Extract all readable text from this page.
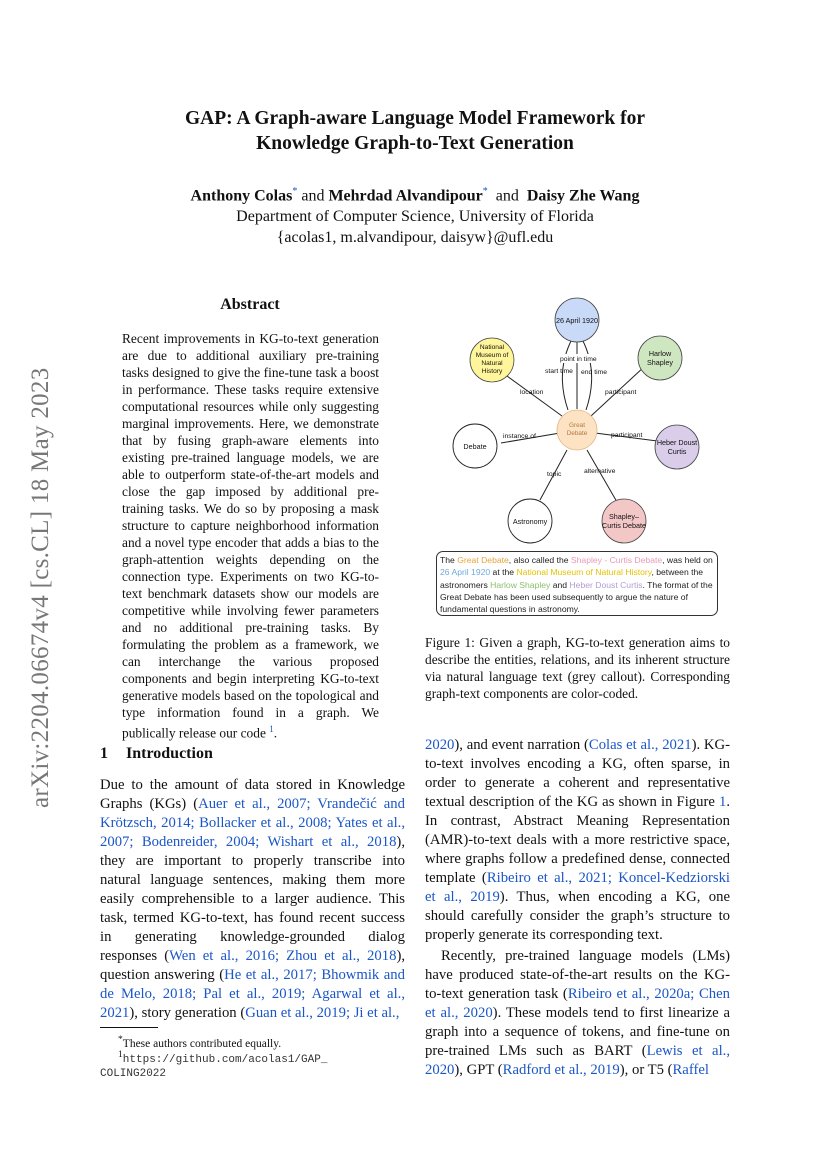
arXiv:2204.06674v4 [cs.CL] 18 May 2023
GAP: A Graph-aware Language Model Framework for
Knowledge Graph-to-Text Generation
Anthony Colas* and Mehrdad Alvandipour* and Daisy Zhe Wang
Department of Computer Science, University of Florida
{acolas1, m.alvandipour, daisyw}@ufl.edu
Abstract
Recent improvements in KG-to-text generation are due to additional auxiliary pre-training tasks designed to give the fine-tune task a boost in performance. These tasks require extensive computational resources while only suggesting marginal improvements. Here, we demonstrate that by fusing graph-aware elements into existing pre-trained language models, we are able to outperform state-of-the-art models and close the gap imposed by additional pre-training tasks. We do so by proposing a mask structure to capture neighborhood information and a novel type encoder that adds a bias to the graph-attention weights depending on the connection type. Experiments on two KG-to-text benchmark datasets show our models are competitive while involving fewer parameters and no additional pre-training tasks. By formulating the problem as a framework, we can interchange the various proposed components and begin interpreting KG-to-text generative models based on the topological and type information found in a graph. We publically release our code $^1$.
1 Introduction
Due to the amount of data stored in Knowledge Graphs (KGs) (Auer et al., 2007; Vrandečić and Krötzsch, 2014; Bollacker et al., 2008; Yates et al., 2007; Bodenreider, 2004; Wishart et al., 2018), they are important to properly transcribe into natural language sentences, making them more easily comprehensible to a larger audience. This task, termed KG-to-text, has found recent success in generating knowledge-grounded dialog responses (Wen et al., 2016; Zhou et al., 2018), question answering (He et al., 2017; Bhowmik and de Melo, 2018; Pal et al., 2019; Agarwal et al., 2021), story generation (Guan et al., 2019; Ji et al.,
*These authors contributed equally.
$^1$https://github.com/acolas1/GAP_
COLING2022
26 April 1920
National
Museum of
Natural
History
Harlow
Shapley
Great
Debate
Debate	Heber Doust
Curtis
Astronomy
Shapley–
Curtis Debate
point in time
start time end time
location	participant
instance of	participant
topic	alternative
The Great Debate, also called the Shapley - Curtis Debate, was held on 26 April 1920 at the National Museum of Natural History, between the astronomers Harlow Shapley and Heber Doust Curtis. The format of the Great Debate has been used subsequently to argue the nature of fundamental questions in astronomy.
Figure 1: Given a graph, KG-to-text generation aims to describe the entities, relations, and its inherent structure via natural language text (grey callout). Corresponding graph-text components are color-coded.
2020), and event narration (Colas et al., 2021). KG-to-text involves encoding a KG, often sparse, in order to generate a coherent and representative textual description of the KG as shown in Figure 1. In contrast, Abstract Meaning Representation (AMR)-to-text deals with a more restrictive space, where graphs follow a predefined dense, connected template (Ribeiro et al., 2021; Koncel-Kedziorski et al., 2019). Thus, when encoding a KG, one should carefully consider the graph’s structure to properly generate its corresponding text.
Recently, pre-trained language models (LMs) have produced state-of-the-art results on the KG-to-text generation task (Ribeiro et al., 2020a; Chen et al., 2020). These models tend to first linearize a graph into a sequence of tokens, and fine-tune on pre-trained LMs such as BART (Lewis et al., 2020), GPT (Radford et al., 2019), or T5 (Raffel
